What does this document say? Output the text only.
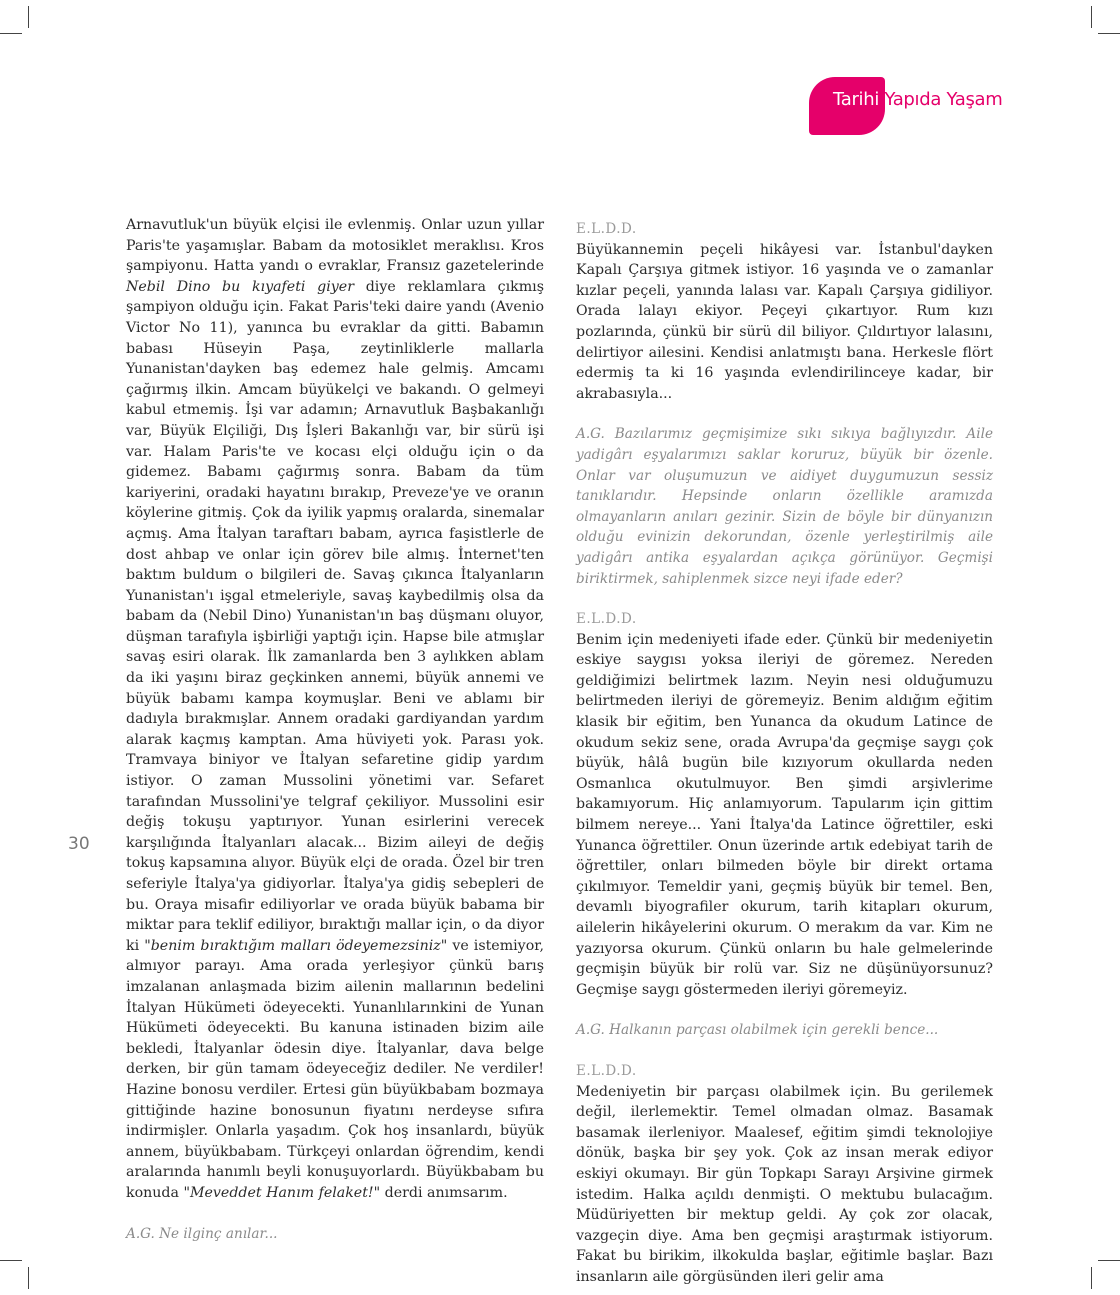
Tarihi Yapıda Yaşam

Arnavutluk'un büyük elçisi ile evlenmiş. Onlar uzun yıllar Paris'te yaşamışlar. Babam da motosiklet meraklısı. Kros şampiyonu. Hatta yandı o evraklar, Fransız gazetelerinde Nebil Dino bu kıyafeti giyer diye reklamlara çıkmış şampiyon olduğu için. Fakat Paris'teki daire yandı (Avenio Victor No 11), yanınca bu evraklar da gitti. Babamın babası Hüseyin Paşa, zeytinliklerle mallarla Yunanistan'dayken baş edemez hale gelmiş. Amcamı çağırmış ilkin. Amcam büyükelçi ve bakandı. O gelmeyi kabul etmemiş. İşi var adamın; Arnavutluk Başbakanlığı var, Büyük Elçiliği, Dış İşleri Bakanlığı var, bir sürü işi var. Halam Paris'te ve kocası elçi olduğu için o da gidemez. Babamı çağırmış sonra. Babam da tüm kariyerini, oradaki hayatını bırakıp, Preveze'ye ve oranın köylerine gitmiş. Çok da iyilik yapmış oralarda, sinemalar açmış. Ama İtalyan taraftarı babam, ayrıca faşistlerle de dost ahbap ve onlar için görev bile almış. İnternet'ten baktım buldum o bilgileri de. Savaş çıkınca İtalyanların Yunanistan'ı işgal etmeleriyle, savaş kaybedilmiş olsa da babam da (Nebil Dino) Yunanistan'ın baş düşmanı oluyor, düşman tarafıyla işbirliği yaptığı için. Hapse bile atmışlar savaş esiri olarak. İlk zamanlarda ben 3 aylıkken ablam da iki yaşını biraz geçkinken annemi, büyük annemi ve büyük babamı kampa koymuşlar. Beni ve ablamı bir dadıyla bırakmışlar. Annem oradaki gardiyandan yardım alarak kaçmış kamptan. Ama hüviyeti yok. Parası yok. Tramvaya biniyor ve İtalyan sefaretine gidip yardım istiyor. O zaman Mussolini yönetimi var. Sefaret tarafından Mussolini'ye telgraf çekiliyor. Mussolini esir değiş tokuşu yaptırıyor. Yunan esirlerini verecek karşılığında İtalyanları alacak... Bizim aileyi de değiş tokuş kapsamına alıyor. Büyük elçi de orada. Özel bir tren seferiyle İtalya'ya gidiyorlar. İtalya'ya gidiş sebepleri de bu. Oraya misafir ediliyorlar ve orada büyük babama bir miktar para teklif ediliyor, bıraktığı mallar için, o da diyor ki "benim bıraktığım malları ödeyemezsiniz" ve istemiyor, almıyor parayı. Ama orada yerleşiyor çünkü barış imzalanan anlaşmada bizim ailenin mallarının bedelini İtalyan Hükümeti ödeyecekti. Yunanlılarınkini de Yunan Hükümeti ödeyecekti. Bu kanuna istinaden bizim aile bekledi, İtalyanlar ödesin diye. İtalyanlar, dava belge derken, bir gün tamam ödeyeceğiz dediler. Ne verdiler! Hazine bonosu verdiler. Ertesi gün büyükbabam bozmaya gittiğinde hazine bonosunun fiyatını nerdeyse sıfıra indirmişler. Onlarla yaşadım. Çok hoş insanlardı, büyük annem, büyükbabam. Türkçeyi onlardan öğrendim, kendi aralarında hanımlı beyli konuşuyorlardı. Büyükbabam bu konuda "Meveddet Hanım felaket!" derdi anımsarım.

A.G. Ne ilginç anılar...

E.L.D.D.

Büyükannemin peçeli hikâyesi var. İstanbul'dayken Kapalı Çarşıya gitmek istiyor. 16 yaşında ve o zamanlar kızlar peçeli, yanında lalası var. Kapalı Çarşıya gidiliyor. Orada lalayı ekiyor. Peçeyi çıkartıyor. Rum kızı pozlarında, çünkü bir sürü dil biliyor. Çıldırtıyor lalasını, delirtiyor ailesini. Kendisi anlatmıştı bana. Herkesle flört edermiş ta ki 16 yaşında evlendirilinceye kadar, bir akrabasıyla...

A.G. Bazılarımız geçmişimize sıkı sıkıya bağlıyızdır. Aile yadigârı eşyalarımızı saklar koruruz, büyük bir özenle. Onlar var oluşumuzun ve aidiyet duygumuzun sessiz tanıklarıdır. Hepsinde onların özellikle aramızda olmayanların anıları gezinir. Sizin de böyle bir dünyanızın olduğu evinizin dekorundan, özenle yerleştirilmiş aile yadigârı antika eşyalardan açıkça görünüyor. Geçmişi biriktirmek, sahiplenmek sizce neyi ifade eder?

E.L.D.D.

Benim için medeniyeti ifade eder. Çünkü bir medeniyetin eskiye saygısı yoksa ileriyi de göremez. Nereden geldiğimizi belirtmek lazım. Neyin nesi olduğumuzu belirtmeden ileriyi de göremeyiz. Benim aldığım eğitim klasik bir eğitim, ben Yunanca da okudum Latince de okudum sekiz sene, orada Avrupa'da geçmişe saygı çok büyük, hâlâ bugün bile kızıyorum okullarda neden Osmanlıca okutulmuyor. Ben şimdi arşivlerime bakamıyorum. Hiç anlamıyorum. Tapularım için gittim bilmem nereye... Yani İtalya'da Latince öğrettiler, eski Yunanca öğrettiler. Onun üzerinde artık edebiyat tarih de öğrettiler, onları bilmeden böyle bir direkt ortama çıkılmıyor. Temeldir yani, geçmiş büyük bir temel. Ben, devamlı biyografiler okurum, tarih kitapları okurum, ailelerin hikâyelerini okurum. O merakım da var. Kim ne yazıyorsa okurum. Çünkü onların bu hale gelmelerinde geçmişin büyük bir rolü var. Siz ne düşünüyorsunuz? Geçmişe saygı göstermeden ileriyi göremeyiz.

A.G. Halkanın parçası olabilmek için gerekli bence...

E.L.D.D.

Medeniyetin bir parçası olabilmek için. Bu gerilemek değil, ilerlemektir. Temel olmadan olmaz. Basamak basamak ilerleniyor. Maalesef, eğitim şimdi teknolojiye dönük, başka bir şey yok. Çok az insan merak ediyor eskiyi okumayı. Bir gün Topkapı Sarayı Arşivine girmek istedim. Halka açıldı denmişti. O mektubu bulacağım. Müdüriyetten bir mektup geldi. Ay çok zor olacak, vazgeçin diye. Ama ben geçmişi araştırmak istiyorum. Fakat bu birikim, ilkokulda başlar, eğitimle başlar. Bazı insanların aile görgüsünden ileri gelir ama

30
